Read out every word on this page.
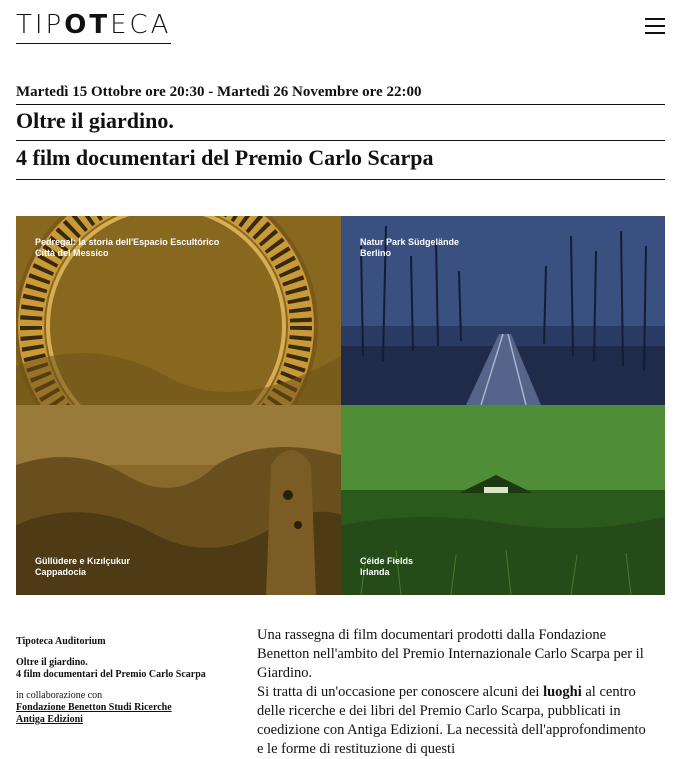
TIPOTECA
Martedì 15 Ottobre ore 20:30 - Martedì 26 Novembre ore 22:00
Oltre il giardino.
4 film documentari del Premio Carlo Scarpa
Pedregal: la storia dell'Espacio Escultórico
Città del Messico
Natur Park Südgelände
Berlino
Güllüdere e Kızılçukur
Cappadocia
Céide Fields
Irlanda
Tipoteca Auditorium
Oltre il giardino.
4 film documentari del Premio Carlo Scarpa
in collaborazione con
Fondazione Benetton Studi Ricerche
Antiga Edizioni

Una rassegna di film documentari prodotti dalla Fondazione Benetton nell'ambito del Premio Internazionale Carlo Scarpa per il Giardino.

Si tratta di un'occasione per conoscere alcuni dei luoghi al centro delle ricerche e dei libri del Premio Carlo Scarpa, pubblicati in coedizione con Antiga Edizioni. La necessità dell'approfondimento e le forme di restituzione di questi
